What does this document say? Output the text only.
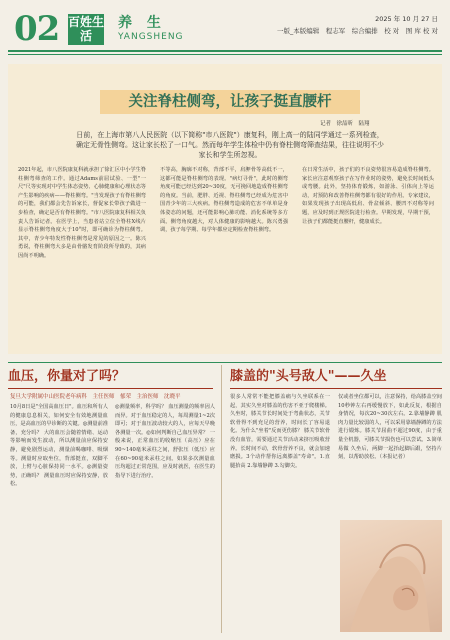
02 百姓生活
养 生
YANGSHENG
2025 年 10 月 27 日
一版_本版编辑　程志军　综合编排　校 对　图 库 校 对
关注脊柱侧弯，让孩子挺直腰杆
记者　徐喆昕　陆翔
日前，在上海市第八人民医院（以下简称"市八医院"）康复科，刚上高一的陆同学通过一系列检查，确定无骨性侧弯。这让家长松了一口气。然而每年学生体检中仍有脊柱侧弯筛查结果，往往说明不少家长和学生所忽视。
2021年起，市八医院康复科就承担了徐汇区中小学生脊柱侧弯筛查的工作。通过Adams前屈试验、一型"一尺"尺等实现对中学生体态姿势、心肺健康和心理状态等产生影响的疾病——脊柱侧弯。"当发现孩子有脊柱侧弯的可能，我们都会先告诉家长，督促家长带孩子做进一步检查，确定是否有脊柱侧弯。"市八医院康复科相关负责人告诉记者。在医学上，当患者站立位全脊柱X线片显示脊柱侧弯角度大于10°时，即可确诊为脊柱侧弯。其中，青少年特发性脊柱侧弯是常见的原因之一。陈兴勇说，脊柱侧弯大多是由骨骼发育阶段所导致的，其病因尚不明确。
不等高，胸廓不对称，背部不平，肩胛骨等高低不一，这都可能是脊柱侧弯的表现。"病灯寻骨"，此时的侧弯角度可能已经达到20~30度，无可挽回地造成脊柱侧弯的角度。当前，肥胖、近视、脊柱侧弯已经成为危害中国青少年的三大疾病。脊柱侧弯造成的危害不单单是身体姿态的问题，还可能影响心肺功能、消化系统等多方面。侧弯角度越大，对人体健康的影响越大。陈兴勇强调，孩子每学期、每学年都应定期检查脊柱侧弯。
在日常生活中，孩子们的不良姿势很容易造成脊柱侧弯。家长应注意观察孩子在写作业时的姿势，避免长时间低头或弯腰。此外，坚持体育锻炼，如游泳、引体向上等运动，对预防和改善脊柱侧弯都有很好的作用。专家建议，如果发现孩子出现高低肩、骨盆倾斜、腰凹不对称等问题，应及时到正规医院进行检查。早期发现，早期干预，让孩子们都能挺直腰杆，健康成长。
血压，你量对了吗？
复旦大学附属中山医院老年病科　主任医师　郁荣　主治医师　沈晓平
10月8日是"全国高血压日"。血压和所有人的健康息息相关，如何安全有效地测量血压，是高血压的早诊断的关键。◎测量前准备，充分吗？ 大的血压会随着情绪、运动等影响而发生波动，所以测量前应保持安静，避免剧烈运动，测量前喝咖啡、吸烟等。测量时应取坐位，背部挺直，双脚平放，上臂与心脏保持同一水平。◎测量姿势，正确吗？ 测量血压时应保持安静，放松。
◎测量频率，科学吗？ 血压测量的频率因人而异。对于血压稳定的人，每周测量1~2次即可；对于血压波动较大的人，应每天早晚各测量一次。◎如何判断自己血压异常？ 一般来说，正常血压的收缩压（高压）应在90~140毫米汞柱之间，舒张压（低压）应在60~90毫米汞柱之间。如果多次测量血压均超过正常范围，应及时就医，在医生的指导下进行治疗。
膝盖的"头号敌人"——久坐
很多人常常不能把膝盖痛与久坐联系在一起，其实久坐对膝盖的伤害不亚于爬楼梯。久坐时，膝关节长时间处于弯曲状态，关节软骨得不到充足的营养，时间长了容易退化。为什么"坐着"反而更伤膝？ 膝关节软骨没有血管，需要通过关节活动来挤压吸收营养。长时间不动，软骨营养不良，就会加速磨损。3个动作帮你远离膝盖"寿命"。1.直腿抬高 2.靠墙静蹲 3.勾脚尖。
仅或者坐位都可以，注意保持，给高膝盖空间 10秒钟左右再缓慢放下，如此反复，根据自身情况，每次20~30次左右。2.靠墙静蹲 肌肉力量比较弱的人，可以采用靠墙静蹲的方法进行锻炼。膝关节屈曲不超过90度，由于重量全机器，可膝关节损伤也可以尝试。3.简单易做 久坐后，两脚一起抬起脚后跟，坚持片刻，以帮助放松。（本报记者）
